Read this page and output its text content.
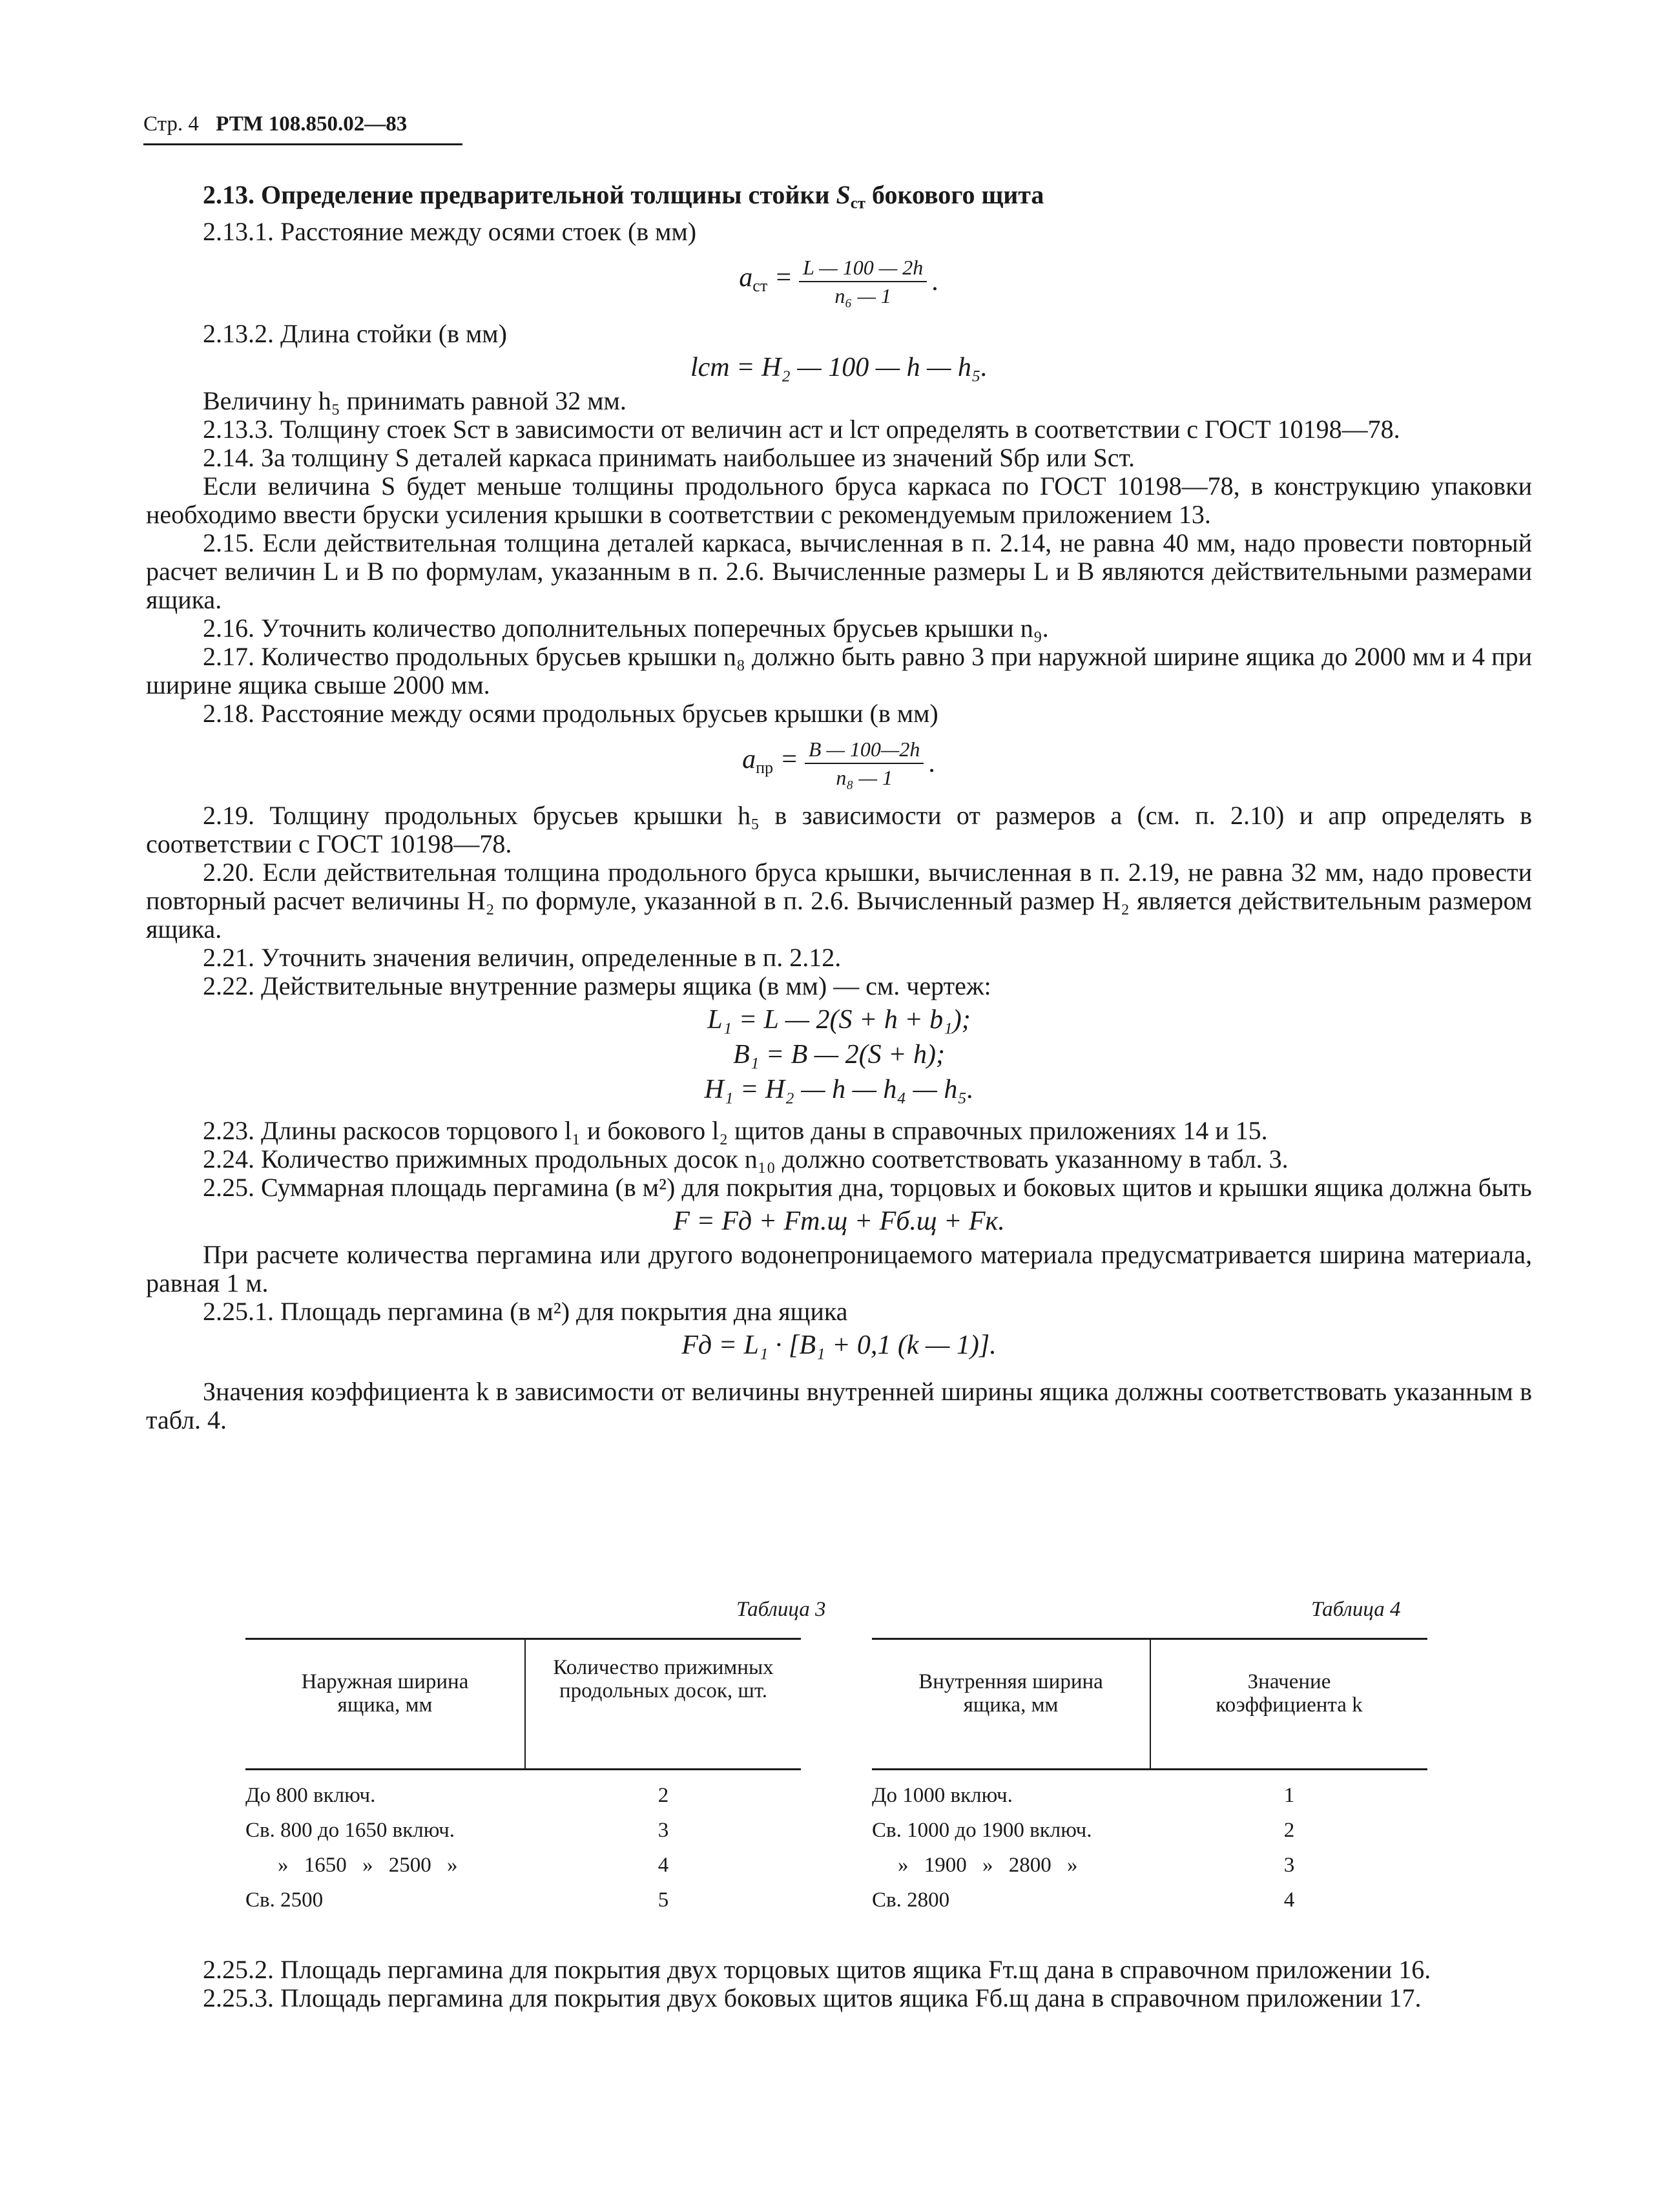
Стр. 4 РТМ 108.850.02—83

2.13. Определение предварительной толщины стойки $S_{ст}$ бокового щита

2.13.1. Расстояние между осями стоек (в мм)

$a_{ст} = \frac{L — 100 — 2h}{\text{n₆ — 1}}$ .

2.13.2. Длина стойки (в мм)

lст = H₂ — 100 — h — h₅.

Величину h₅ принимать равной 32 мм.

2.13.3. Толщину стоек Sст в зависимости от величин aст и lст определять в соответствии с ГОСТ 10198—78.

2.14. За толщину S деталей каркаса принимать наибольшее из значений Sбр или Sст.

Если величина S будет меньше толщины продольного бруса каркаса по ГОСТ 10198—78, в конструкцию упаковки необходимо ввести бруски усиления крышки в соответствии с рекомендуемым приложением 13.

2.15. Если действительная толщина деталей каркаса, вычисленная в п. 2.14, не равна 40 мм, надо провести повторный расчет величин L и B по формулам, указанным в п. 2.6. Вычисленные размеры L и B являются действительными размерами ящика.

2.16. Уточнить количество дополнительных поперечных брусьев крышки n₉.

2.17. Количество продольных брусьев крышки n₈ должно быть равно 3 при наружной ширине ящика до 2000 мм и 4 при ширине ящика свыше 2000 мм.

2.18. Расстояние между осями продольных брусьев крышки (в мм)

$a_{пр} = \frac{B — 100—2h}{\text{n₈ — 1}}$ .

2.19. Толщину продольных брусьев крышки h₅ в зависимости от размеров a (см. п. 2.10) и aпр определять в соответствии с ГОСТ 10198—78.

2.20. Если действительная толщина продольного бруса крышки, вычисленная в п. 2.19, не равна 32 мм, надо провести повторный расчет величины H₂ по формуле, указанной в п. 2.6. Вычисленный размер H₂ является действительным размером ящика.

2.21. Уточнить значения величин, определенные в п. 2.12.

2.22. Действительные внутренние размеры ящика (в мм) — см. чертеж:

L₁ = L — 2(S + h + b₁);

B₁ = B — 2(S + h);

H₁ = H₂ — h — h₄ — h₅.

2.23. Длины раскосов торцового l₁ и бокового l₂ щитов даны в справочных приложениях 14 и 15.

2.24. Количество прижимных продольных досок n₁₀ должно соответствовать указанному в табл. 3.

2.25. Суммарная площадь пергамина (в м²) для покрытия дна, торцовых и боковых щитов и крышки ящика должна быть

F = Fд + Fт.щ + Fб.щ + Fк.

При расчете количества пергамина или другого водонепроницаемого материала предусматривается ширина материала, равная 1 м.

2.25.1. Площадь пергамина (в м²) для покрытия дна ящика

Fд = L₁ · [B₁ + 0,1 (k — 1)].

Значения коэффициента k в зависимости от величины внутренней ширины ящика должны соответствовать указанным в табл. 4.

Таблица 3
Наружная ширина ящика, мм
Количество прижимных продольных досок, шт.
До 800 включ.	2
Св. 800 до 1650 включ.	3
» 1650 » 2500 »	4
Св. 2500	5
Таблица 4
Внутренняя ширина ящика, мм
Значение коэффициента k
До 1000 включ.	1
Св. 1000 до 1900 включ.	2
» 1900 » 2800 »	3
Св. 2800	4

2.25.2. Площадь пергамина для покрытия двух торцовых щитов ящика Fт.щ дана в справочном приложении 16.

2.25.3. Площадь пергамина для покрытия двух боковых щитов ящика Fб.щ дана в справочном приложении 17.
